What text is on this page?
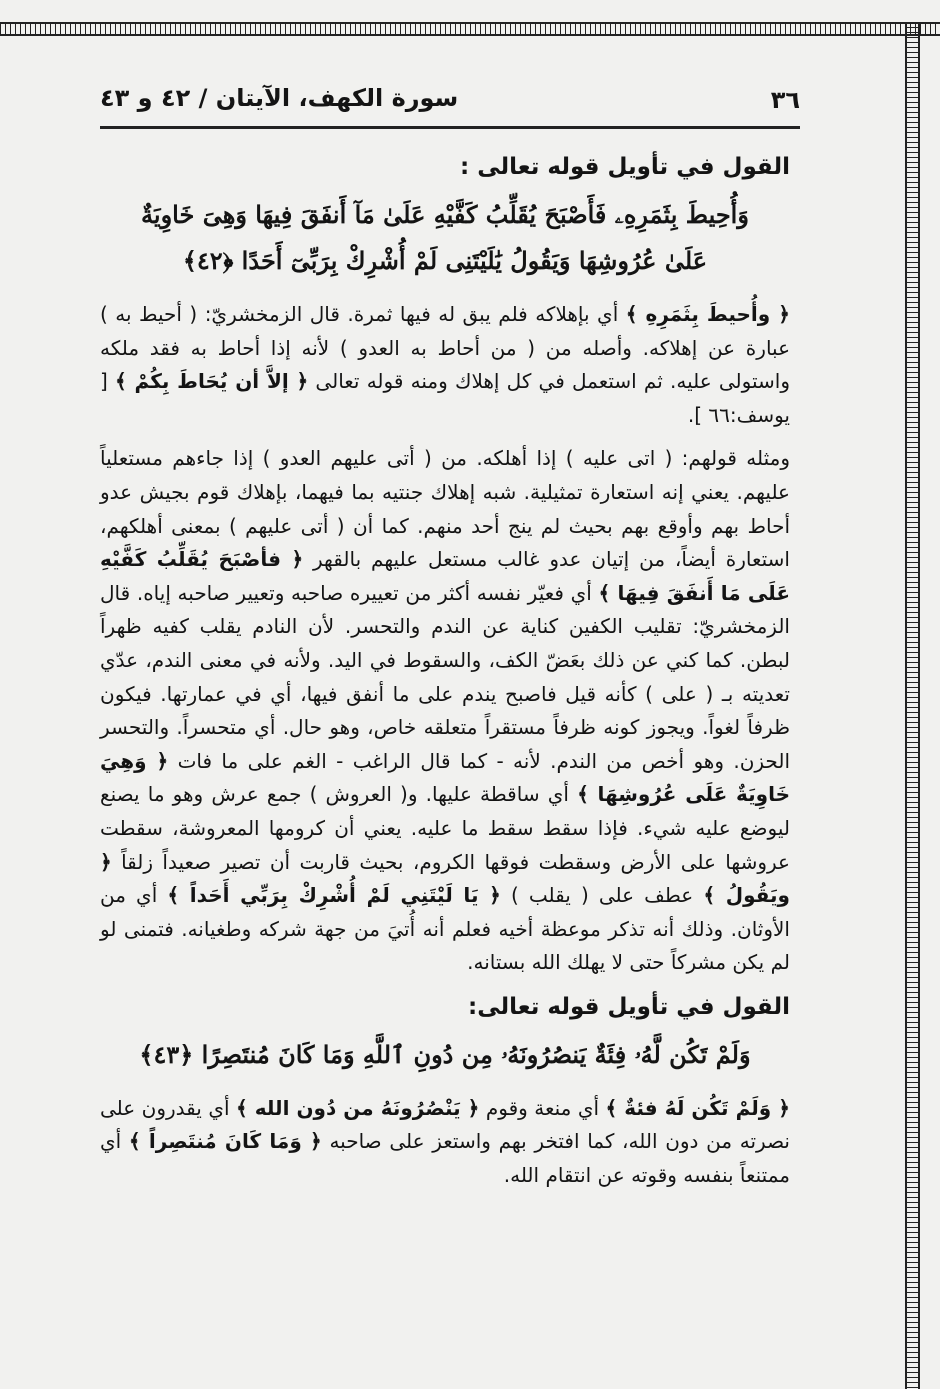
٣٦
سورة الكهف، الآيتان / ٤٢ و ٤٣
القول في تأويل قوله تعالى :
وَأُحِيطَ بِثَمَرِهِۦ فَأَصْبَحَ يُقَلِّبُ كَفَّيْهِ عَلَىٰ مَآ أَنفَقَ فِيهَا وَهِىَ خَاوِيَةٌ عَلَىٰ عُرُوشِهَا وَيَقُولُ يَٰلَيْتَنِى لَمْ أُشْرِكْ بِرَبِّىٓ أَحَدًا ﴿٤٢﴾

﴿ وأُحيطَ بِثَمَرِهِ ﴾ أي بإهلاكه فلم يبق له فيها ثمرة. قال الزمخشريّ: ( أحيط به ) عبارة عن إهلاكه. وأصله من ( من أحاط به العدو ) لأنه إذا أحاط به فقد ملكه واستولى عليه. ثم استعمل في كل إهلاك ومنه قوله تعالى ﴿ إلاَّ أن يُحَاطَ بِكُمْ ﴾ [ يوسف:٦٦ ].

ومثله قولهم: ( اتى عليه ) إذا أهلكه. من ( أتى عليهم العدو ) إذا جاءهم مستعلياً عليهم. يعني إنه استعارة تمثيلية. شبه إهلاك جنتيه بما فيهما، بإهلاك قوم بجيش عدو أحاط بهم وأوقع بهم بحيث لم ينج أحد منهم. كما أن ( أتى عليهم ) بمعنى أهلكهم، استعارة أيضاً، من إتيان عدو غالب مستعل عليهم بالقهر ﴿ فأصْبَحَ يُقَلِّبُ كَفَّيْهِ عَلَى مَا أَنفَقَ فِيهَا ﴾ أي فعيّر نفسه أكثر من تعييره صاحبه وتعيير صاحبه إياه. قال الزمخشريّ: تقليب الكفين كناية عن الندم والتحسر. لأن النادم يقلب كفيه ظهراً لبطن. كما كني عن ذلك بعَضّ الكف، والسقوط في اليد. ولأنه في معنى الندم، عدّي تعديته بـ ( على ) كأنه قيل فاصبح يندم على ما أنفق فيها، أي في عمارتها. فيكون ظرفاً لغواً. ويجوز كونه ظرفاً مستقراً متعلقه خاص، وهو حال. أي متحسراً. والتحسر الحزن. وهو أخص من الندم. لأنه - كما قال الراغب - الغم على ما فات ﴿ وَهِيَ خَاوِيَةٌ عَلَى عُرُوشِهَا ﴾ أي ساقطة عليها. و( العروش ) جمع عرش وهو ما يصنع ليوضع عليه شيء. فإذا سقط سقط ما عليه. يعني أن كرومها المعروشة، سقطت عروشها على الأرض وسقطت فوقها الكروم، بحيث قاربت أن تصير صعيداً زلقاً ﴿ ويَقُولُ ﴾ عطف على ( يقلب ) ﴿ يَا لَيْتَنِي لَمْ أُشْرِكْ بِرَبِّي أَحَداً ﴾ أي من الأوثان. وذلك أنه تذكر موعظة أخيه فعلم أنه أُتيَ من جهة شركه وطغيانه. فتمنى لو لم يكن مشركاً حتى لا يهلك الله بستانه.

القول في تأويل قوله تعالى:
وَلَمْ تَكُن لَّهُۥ فِئَةٌ يَنصُرُونَهُۥ مِن دُونِ ٱللَّهِ وَمَا كَانَ مُنتَصِرًا ﴿٤٣﴾

﴿ وَلَمْ تَكُن لَهُ فئةٌ ﴾ أي منعة وقوم ﴿ يَنْصُرُونَهُ من دُون الله ﴾ أي يقدرون على نصرته من دون الله، كما افتخر بهم واستعز على صاحبه ﴿ وَمَا كَانَ مُنتَصِراً ﴾ أي ممتنعاً بنفسه وقوته عن انتقام الله.
